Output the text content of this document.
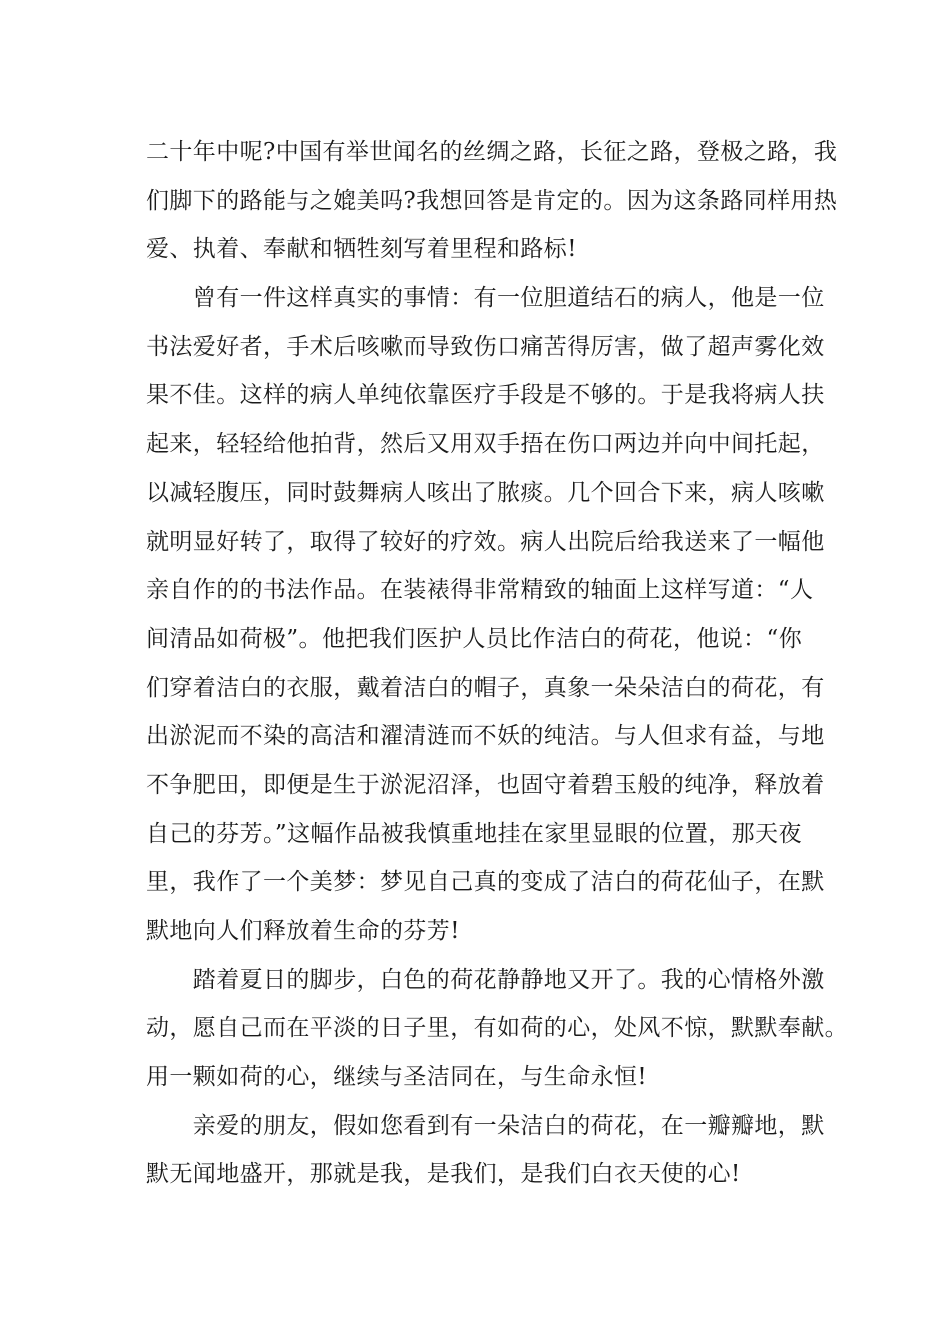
二十年中呢?中国有举世闻名的丝绸之路，长征之路，登极之路，我
们脚下的路能与之媲美吗?我想回答是肯定的。因为这条路同样用热
爱、执着、奉献和牺牲刻写着里程和路标!
　　曾有一件这样真实的事情：有一位胆道结石的病人，他是一位
书法爱好者，手术后咳嗽而导致伤口痛苦得厉害，做了超声雾化效
果不佳。这样的病人单纯依靠医疗手段是不够的。于是我将病人扶
起来，轻轻给他拍背，然后又用双手捂在伤口两边并向中间托起，
以减轻腹压，同时鼓舞病人咳出了脓痰。几个回合下来，病人咳嗽
就明显好转了，取得了较好的疗效。病人出院后给我送来了一幅他
亲自作的的书法作品。在装裱得非常精致的轴面上这样写道：“人
间清品如荷极”。他把我们医护人员比作洁白的荷花，他说：“你
们穿着洁白的衣服，戴着洁白的帽子，真象一朵朵洁白的荷花，有
出淤泥而不染的高洁和濯清涟而不妖的纯洁。与人但求有益，与地
不争肥田，即便是生于淤泥沼泽，也固守着碧玉般的纯净，释放着
自己的芬芳。”这幅作品被我慎重地挂在家里显眼的位置，那天夜
里，我作了一个美梦：梦见自己真的变成了洁白的荷花仙子，在默
默地向人们释放着生命的芬芳!
　　踏着夏日的脚步，白色的荷花静静地又开了。我的心情格外激
动，愿自己而在平淡的日子里，有如荷的心，处风不惊，默默奉献。
用一颗如荷的心，继续与圣洁同在，与生命永恒!
　　亲爱的朋友，假如您看到有一朵洁白的荷花，在一瓣瓣地，默
默无闻地盛开，那就是我，是我们，是我们白衣天使的心!
